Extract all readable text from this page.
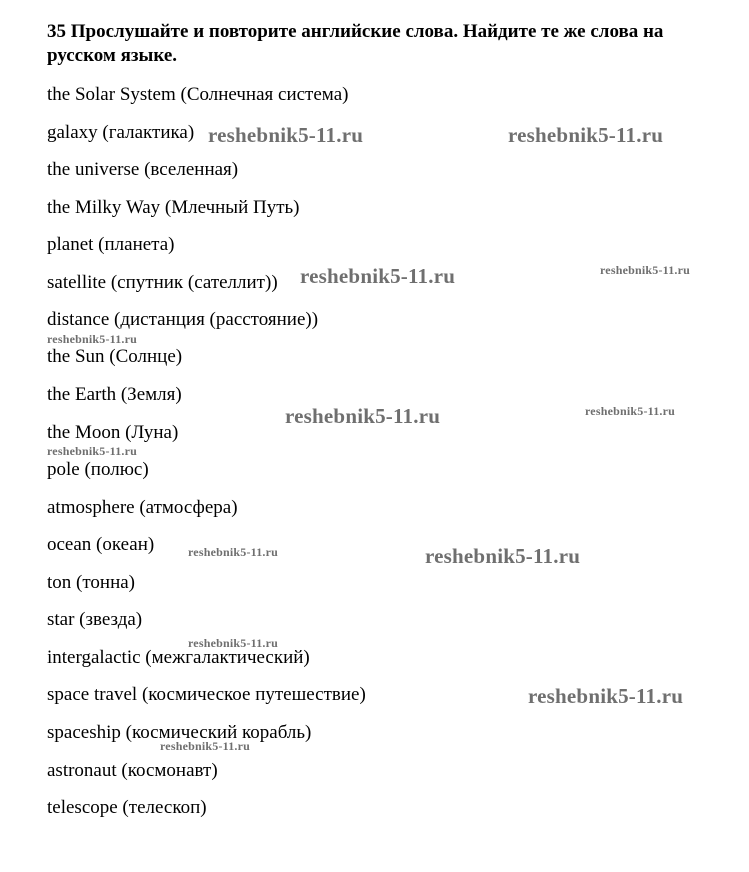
35 Прослушайте и повторите английские слова. Найдите те же слова на русском языке.
the Solar System (Солнечная система)
galaxy (галактика)
the universe (вселенная)
the Milky Way (Млечный Путь)
planet (планета)
satellite (спутник (сателлит))
distance (дистанция (расстояние))
the Sun (Солнце)
the Earth (Земля)
the Moon (Луна)
pole (полюс)
atmosphere (атмосфера)
ocean (океан)
ton (тонна)
star (звезда)
intergalactic (межгалактический)
space travel (космическое путешествие)
spaceship (космический корабль)
astronaut (космонавт)
telescope (телескоп)
reshebnik5-11.ru	reshebnik5-11.ru
reshebnik5-11.ru	reshebnik5-11.ru
reshebnik5-11.ru
reshebnik5-11.ru	reshebnik5-11.ru
reshebnik5-11.ru
reshebnik5-11.ru	reshebnik5-11.ru
reshebnik5-11.ru
reshebnik5-11.ru
reshebnik5-11.ru
